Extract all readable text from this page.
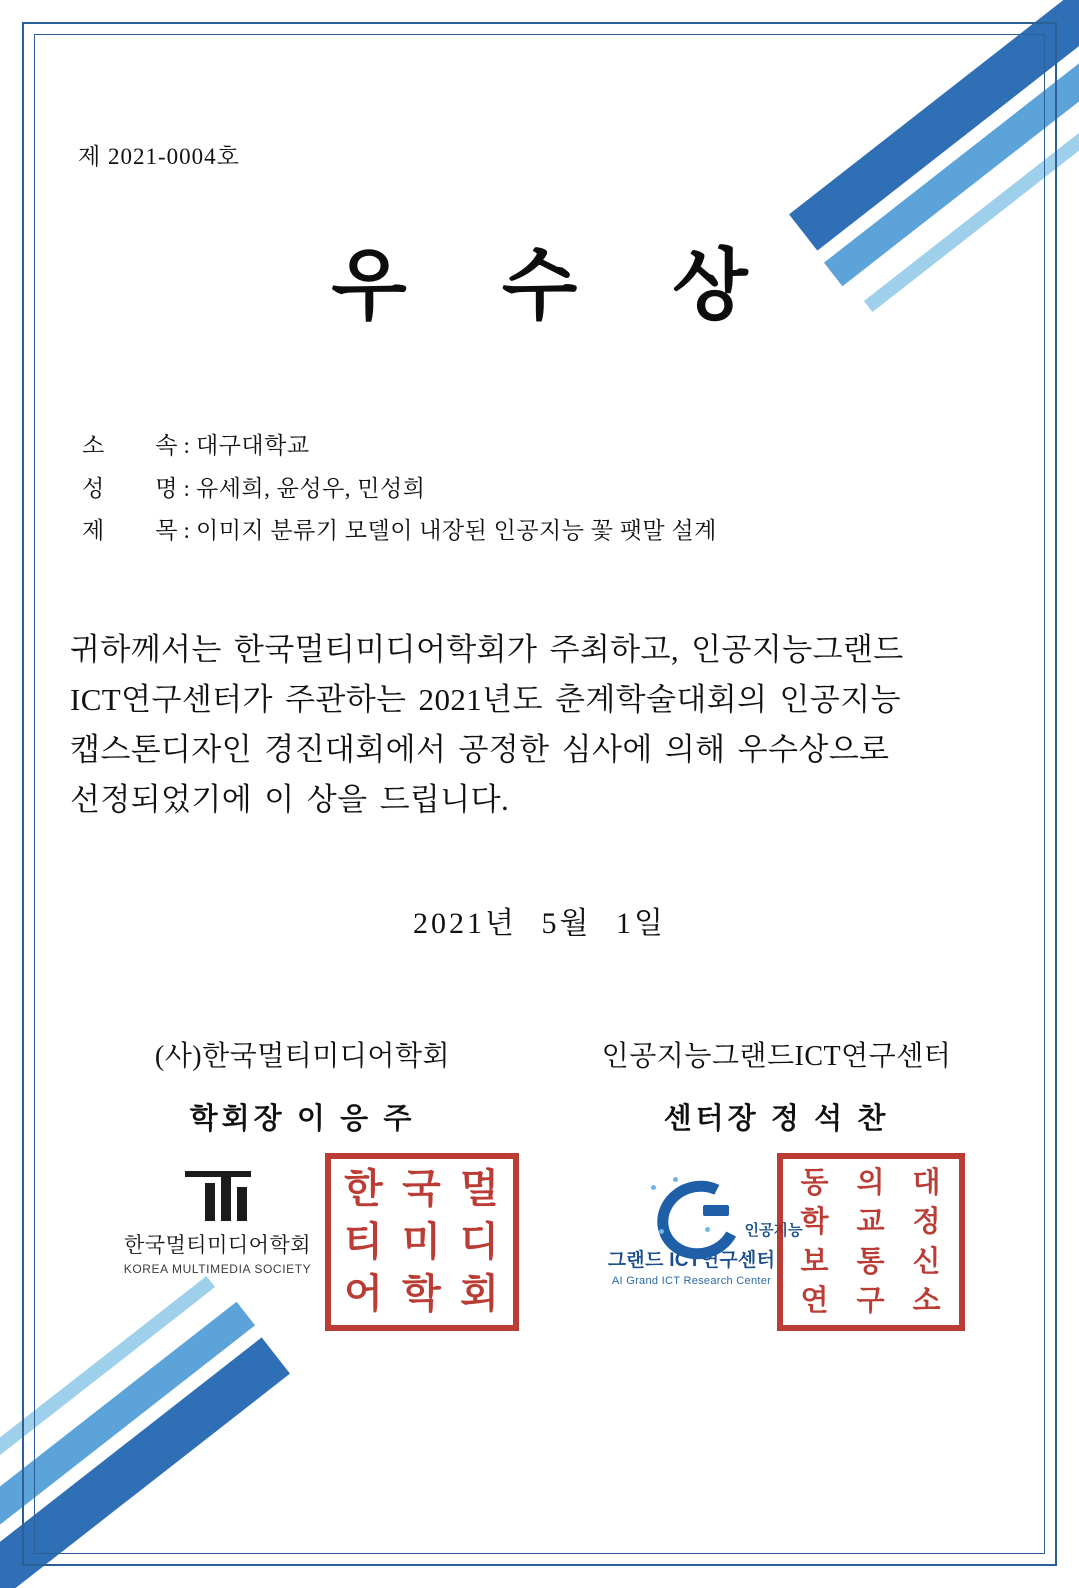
제 2021-0004호
우 수 상
소 속 : 대구대학교
성 명 : 유세희, 윤성우, 민성희
제 목 : 이미지 분류기 모델이 내장된 인공지능 꽃 팻말 설계

귀하께서는 한국멀티미디어학회가 주최하고, 인공지능그랜드

ICT연구센터가 주관하는 2021년도 춘계학술대회의 인공지능

캡스톤디자인 경진대회에서 공정한 심사에 의해 우수상으로

선정되었기에 이 상을 드립니다.

2021년 5월 1일
(사)한국멀티미디어학회
학회장 이 응 주
한국멀티미디어학회
KOREA MULTIMEDIA SOCIETY
한 국 멀
티 미 디
어 학 회
인공지능그랜드ICT연구센터
센터장 정 석 찬
인공지능
그랜드 ICT연구센터
AI Grand ICT Research Center
동 의 대
학 교 정
보 통 신
연 구 소
